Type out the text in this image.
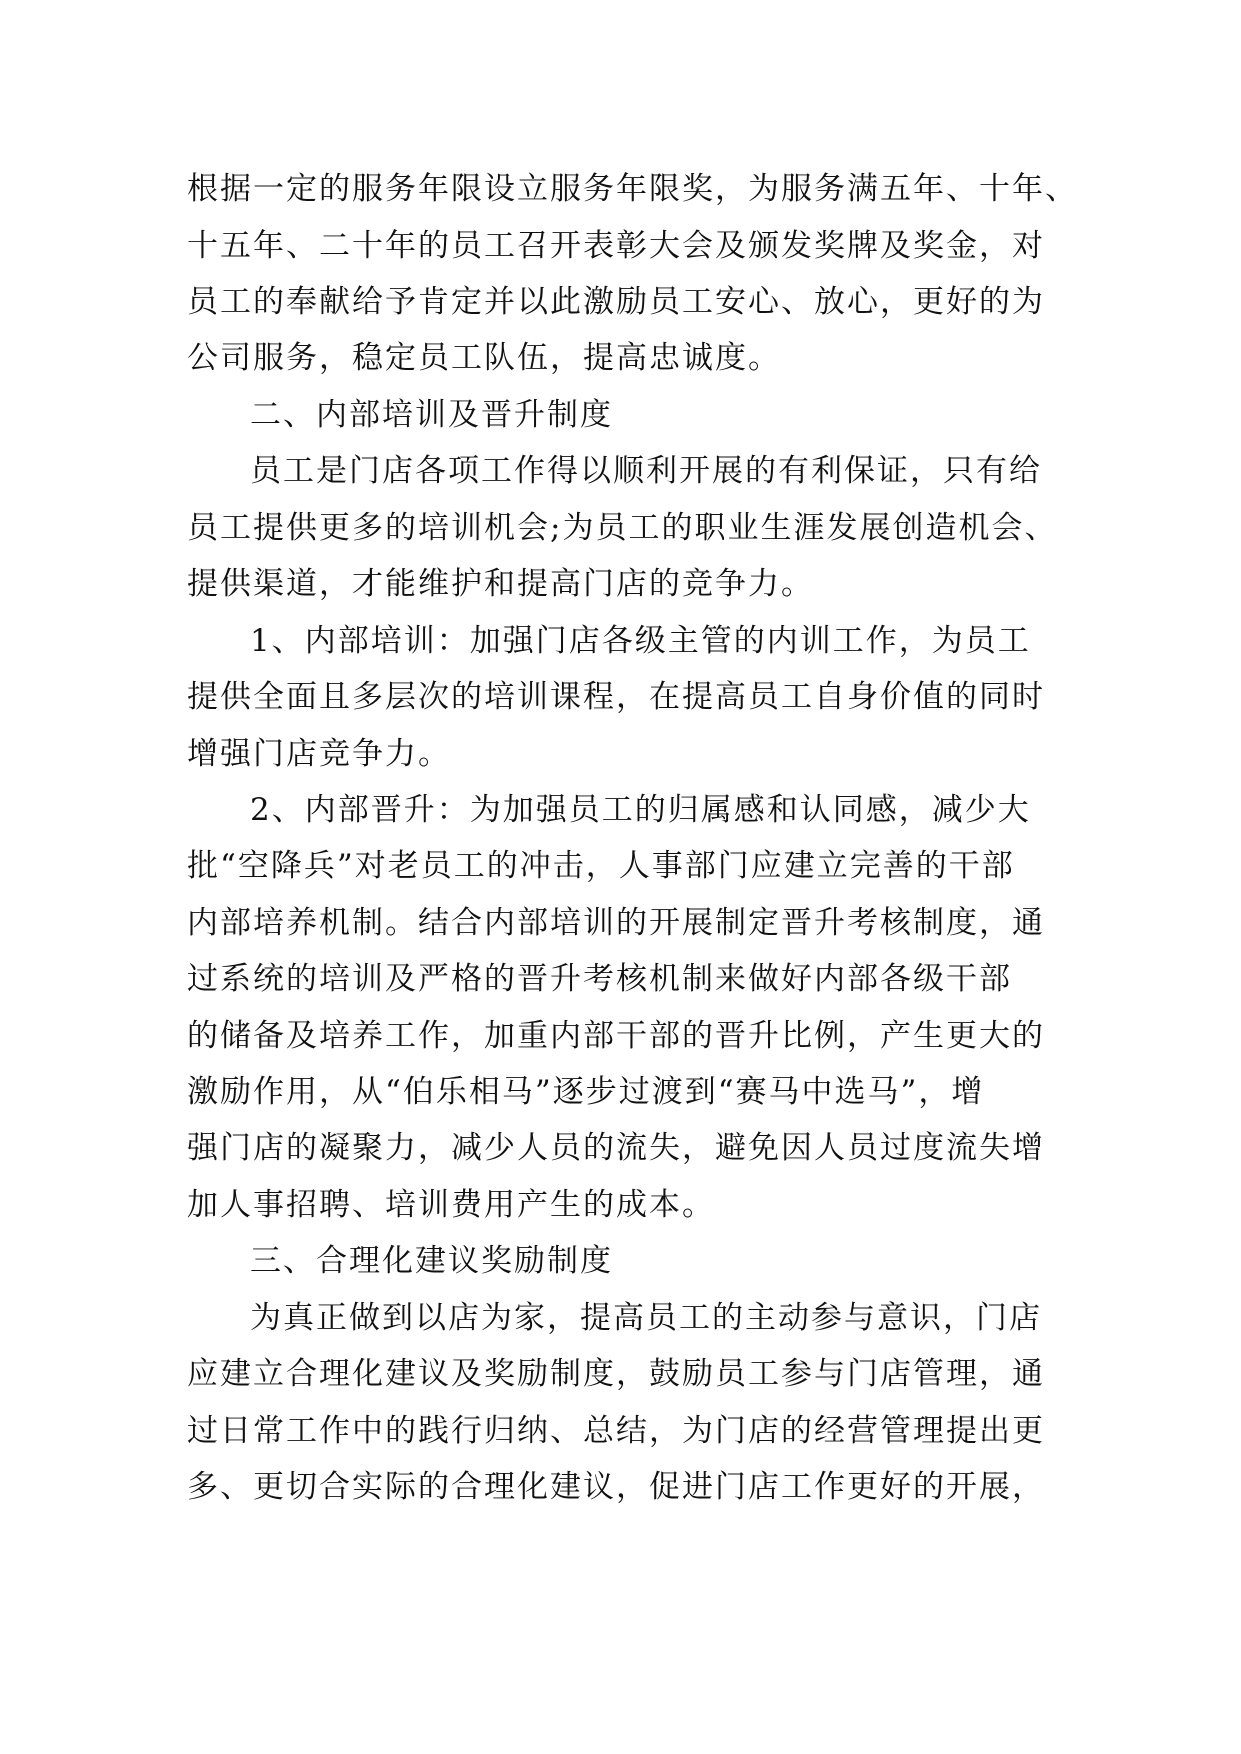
根据一定的服务年限设立服务年限奖，为服务满五年、十年、
十五年、二十年的员工召开表彰大会及颁发奖牌及奖金，对
员工的奉献给予肯定并以此激励员工安心、放心，更好的为
公司服务，稳定员工队伍，提高忠诚度。
二、内部培训及晋升制度
员工是门店各项工作得以顺利开展的有利保证，只有给
员工提供更多的培训机会;为员工的职业生涯发展创造机会、
提供渠道，才能维护和提高门店的竞争力。
1、内部培训：加强门店各级主管的内训工作，为员工
提供全面且多层次的培训课程，在提高员工自身价值的同时
增强门店竞争力。
2、内部晋升：为加强员工的归属感和认同感，减少大
批“空降兵”对老员工的冲击，人事部门应建立完善的干部
内部培养机制。结合内部培训的开展制定晋升考核制度，通
过系统的培训及严格的晋升考核机制来做好内部各级干部
的储备及培养工作，加重内部干部的晋升比例，产生更大的
激励作用，从“伯乐相马”逐步过渡到“赛马中选马”，增
强门店的凝聚力，减少人员的流失，避免因人员过度流失增
加人事招聘、培训费用产生的成本。
三、合理化建议奖励制度
为真正做到以店为家，提高员工的主动参与意识，门店
应建立合理化建议及奖励制度，鼓励员工参与门店管理，通
过日常工作中的践行归纳、总结，为门店的经营管理提出更
多、更切合实际的合理化建议，促进门店工作更好的开展，
